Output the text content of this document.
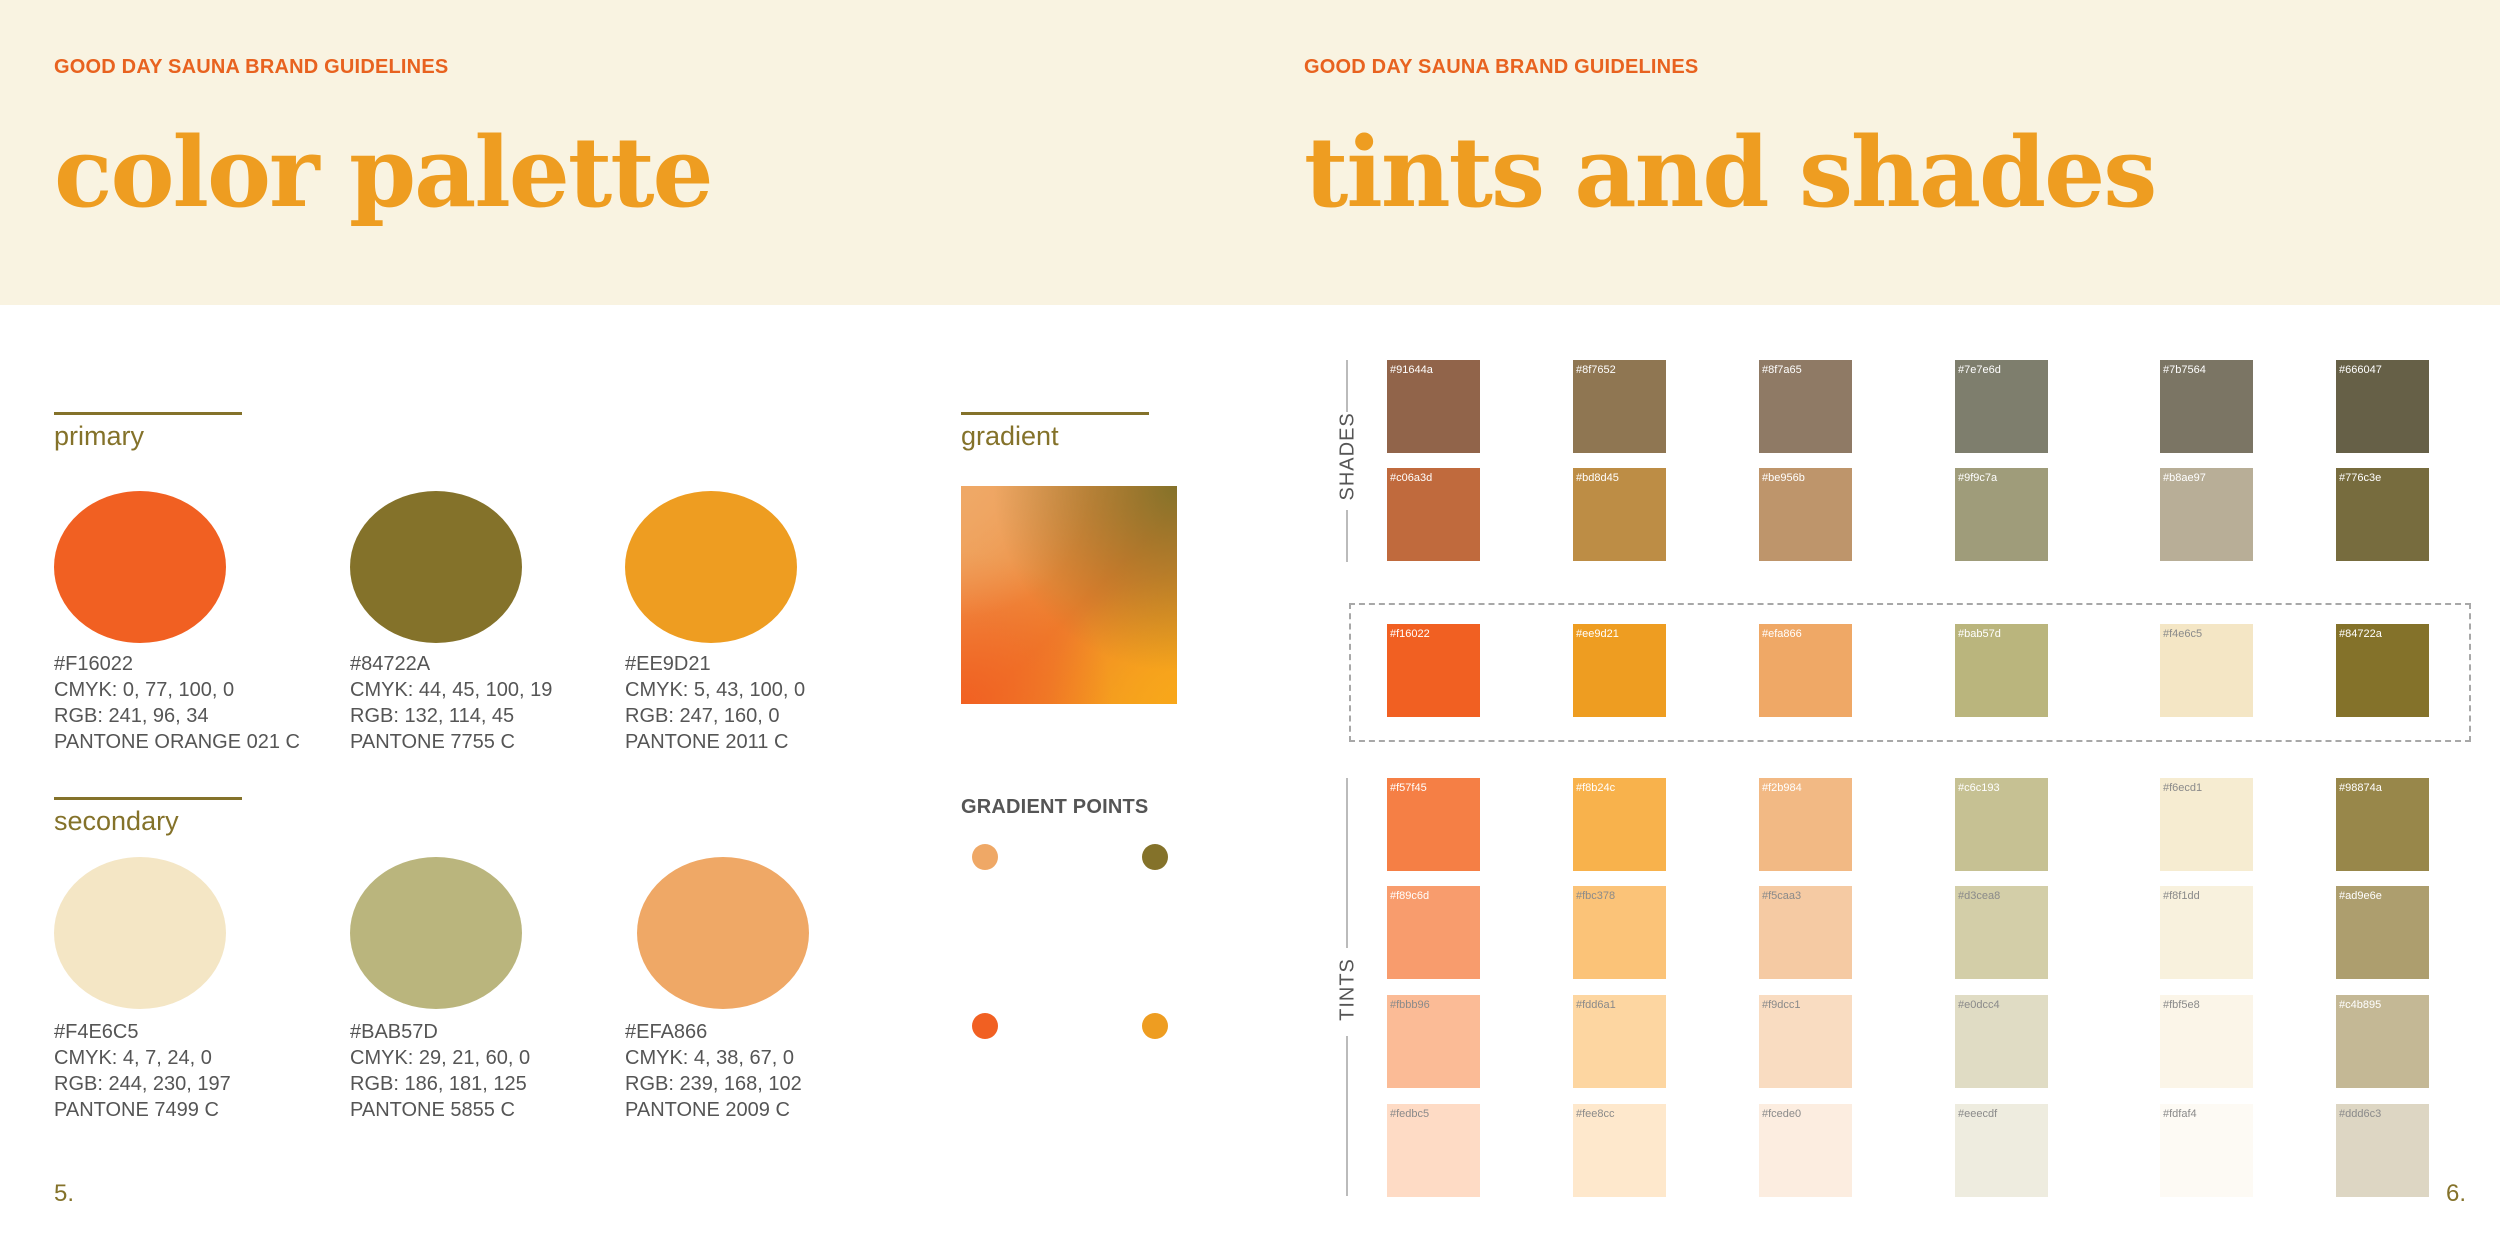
GOOD DAY SAUNA BRAND GUIDELINES
color palette
primary
secondary
#F16022
CMYK: 0, 77, 100, 0
RGB: 241, 96, 34
PANTONE ORANGE 021 C
#84722A
CMYK: 44, 45, 100, 19
RGB: 132, 114, 45
PANTONE 7755 C
#EE9D21
CMYK: 5, 43, 100, 0
RGB: 247, 160, 0
PANTONE 2011 C
#F4E6C5
CMYK: 4, 7, 24, 0
RGB: 244, 230, 197
PANTONE 7499 C
#BAB57D
CMYK: 29, 21, 60, 0
RGB: 186, 181, 125
PANTONE 5855 C
#EFA866
CMYK: 4, 38, 67, 0
RGB: 239, 168, 102
PANTONE 2009 C
gradient
GRADIENT POINTS
5.
GOOD DAY SAUNA BRAND GUIDELINES
tints and shades
SHADES
TINTS
#91644a	#8f7652	#8f7a65	#7e7e6d	#7b7564	#666047
#c06a3d	#bd8d45	#be956b	#9f9c7a	#b8ae97	#776c3e
#f16022	#ee9d21	#efa866	#bab57d	#f4e6c5	#84722a
#f57f45	#f8b24c	#f2b984	#c6c193	#f6ecd1	#98874a
#f89c6d	#fbc378	#f5caa3	#d3cea8	#f8f1dd	#ad9e6e
#fbbb96	#fdd6a1	#f9dcc1	#e0dcc4	#fbf5e8	#c4b895
#fedbc5	#fee8cc	#fcede0	#eeecdf	#fdfaf4	#ddd6c3
6.
